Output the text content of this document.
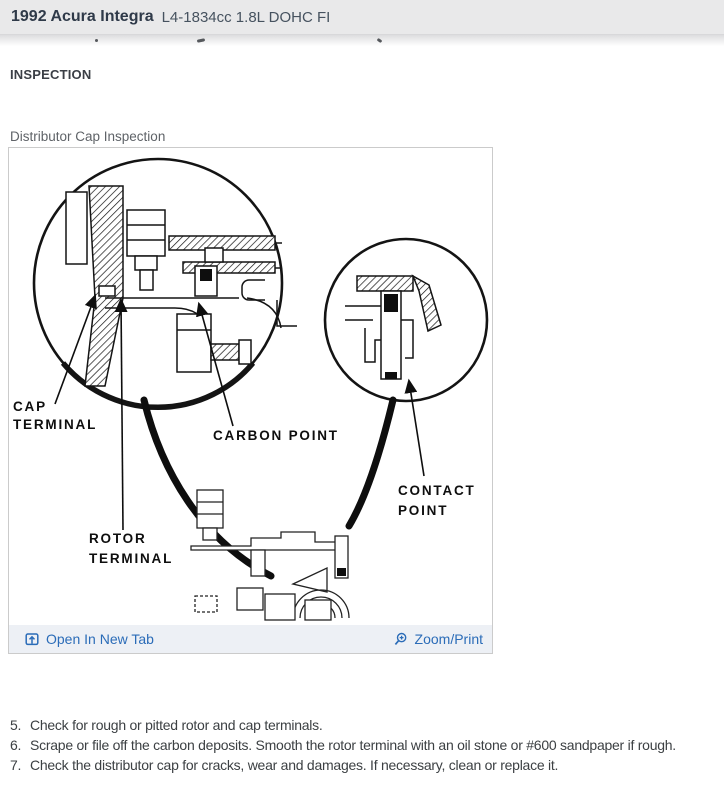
1992 Acura Integra L4-1834cc 1.8L DOHC FI
INSPECTION
Distributor Cap Inspection
CAP
TERMINAL
CARBON POINT
ROTOR
TERMINAL
CONTACT
POINT
Open In New Tab	Zoom/Print
5. Check for rough or pitted rotor and cap terminals.
6. Scrape or file off the carbon deposits. Smooth the rotor terminal with an oil stone or #600 sandpaper if rough.
7. Check the distributor cap for cracks, wear and damages. If necessary, clean or replace it.
